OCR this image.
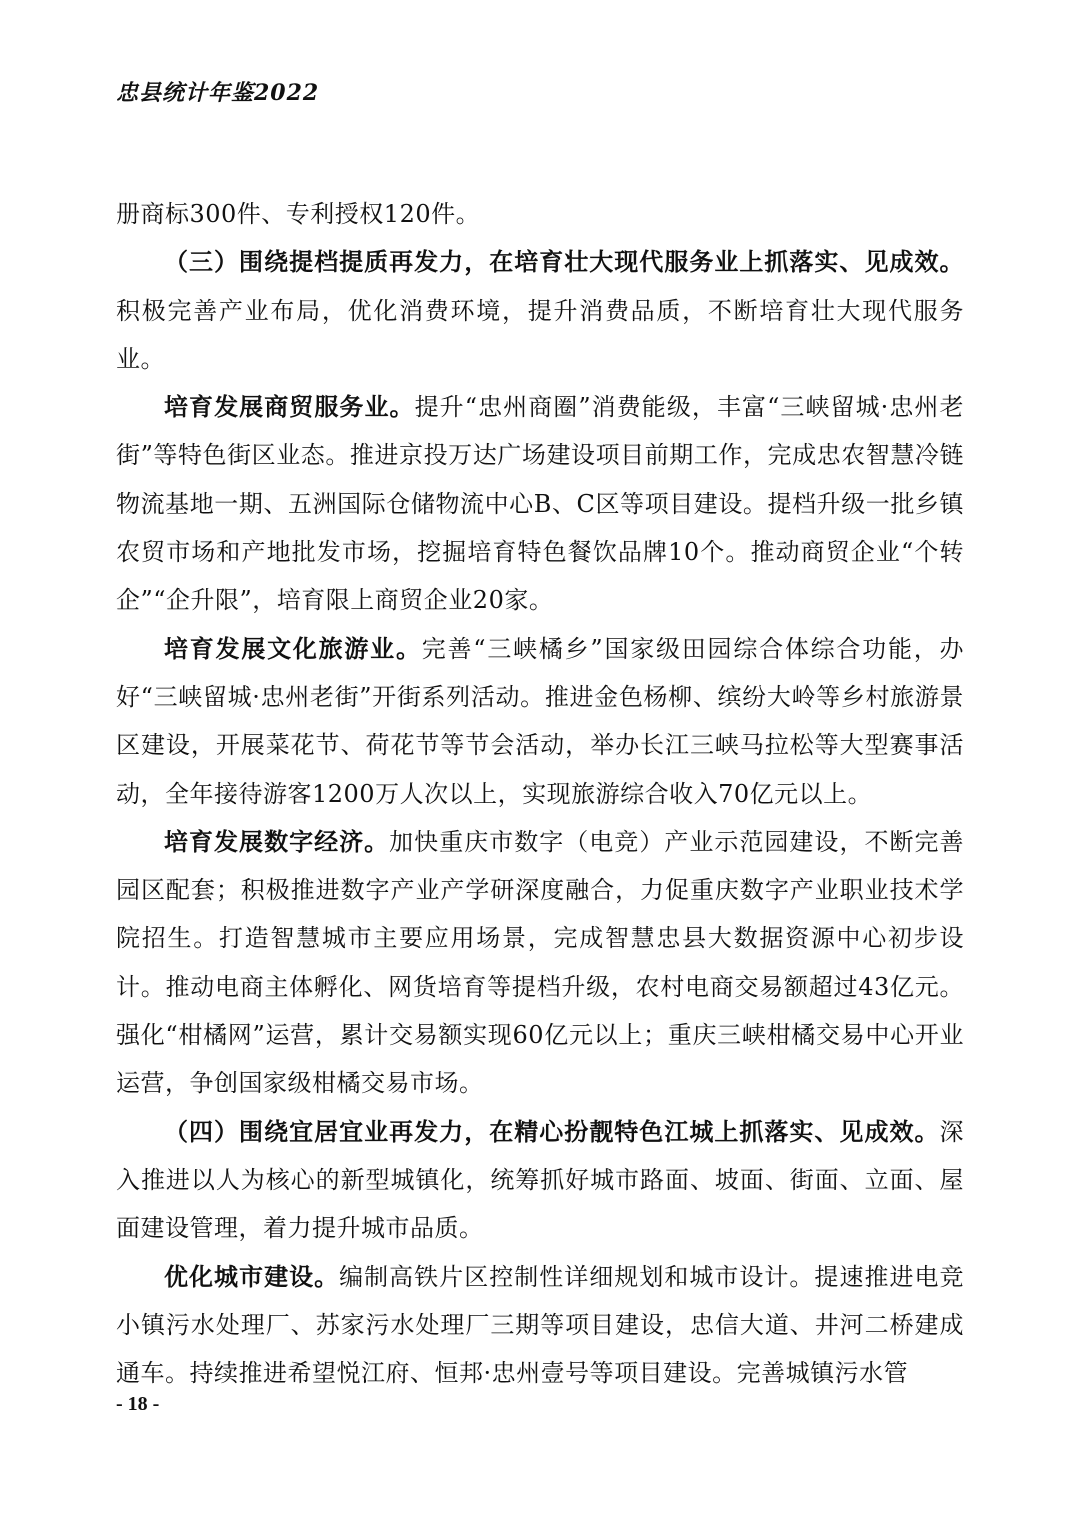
忠县统计年鉴2022

册商标300件、专利授权120件。

（三）围绕提档提质再发力，在培育壮大现代服务业上抓落实、见成效。积极完善产业布局，优化消费环境，提升消费品质，不断培育壮大现代服务业。

培育发展商贸服务业。提升“忠州商圈”消费能级，丰富“三峡留城·忠州老街”等特色街区业态。推进京投万达广场建设项目前期工作，完成忠农智慧冷链物流基地一期、五洲国际仓储物流中心B、C区等项目建设。提档升级一批乡镇农贸市场和产地批发市场，挖掘培育特色餐饮品牌10个。推动商贸企业“个转企”“企升限”，培育限上商贸企业20家。

培育发展文化旅游业。完善“三峡橘乡”国家级田园综合体综合功能，办好“三峡留城·忠州老街”开街系列活动。推进金色杨柳、缤纷大岭等乡村旅游景区建设，开展菜花节、荷花节等节会活动，举办长江三峡马拉松等大型赛事活动，全年接待游客1200万人次以上，实现旅游综合收入70亿元以上。

培育发展数字经济。加快重庆市数字（电竞）产业示范园建设，不断完善园区配套；积极推进数字产业产学研深度融合，力促重庆数字产业职业技术学院招生。打造智慧城市主要应用场景，完成智慧忠县大数据资源中心初步设计。推动电商主体孵化、网货培育等提档升级，农村电商交易额超过43亿元。强化“柑橘网”运营，累计交易额实现60亿元以上；重庆三峡柑橘交易中心开业运营，争创国家级柑橘交易市场。

（四）围绕宜居宜业再发力，在精心扮靓特色江城上抓落实、见成效。深入推进以人为核心的新型城镇化，统筹抓好城市路面、坡面、街面、立面、屋面建设管理，着力提升城市品质。

优化城市建设。编制高铁片区控制性详细规划和城市设计。提速推进电竞小镇污水处理厂、苏家污水处理厂三期等项目建设，忠信大道、井河二桥建成通车。持续推进希望悦江府、恒邦·忠州壹号等项目建设。完善城镇污水管

- 18 -
